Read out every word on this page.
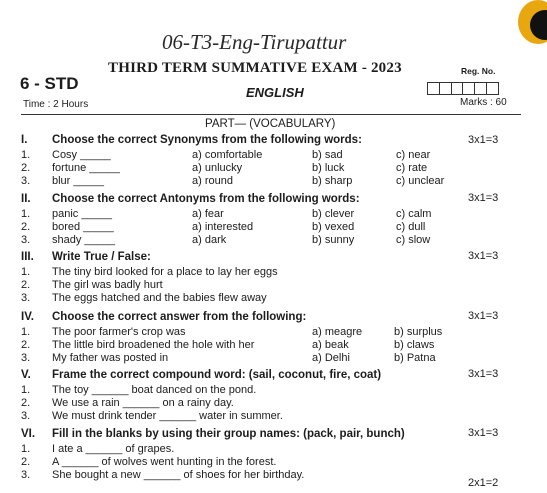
06-T3-Eng-Tirupattur
THIRD TERM SUMMATIVE EXAM - 2023
6 - STD	ENGLISH
Reg. No.
Time : 2 Hours	Marks : 60
PART— (VOCABULARY)
I. Choose the correct Synonyms from the following words:	3x1=3
1. Cosy _____	a) comfortable	b) sad	c) near
2. fortune _____	a) unlucky	b) luck	c) rate
3. blur _____	a) round	b) sharp	c) unclear
II. Choose the correct Antonyms from the following words:	3x1=3
1. panic _____	a) fear	b) clever	c) calm
2. bored _____	a) interested	b) vexed	c) dull
3. shady _____	a) dark	b) sunny	c) slow
III. Write True / False:	3x1=3
1. The tiny bird looked for a place to lay her eggs
2. The girl was badly hurt
3. The eggs hatched and the babies flew away
IV. Choose the correct answer from the following:	3x1=3
1. The poor farmer's crop was	a) meagre	b) surplus
2. The little bird broadened the hole with her	a) beak	b) claws
3. My father was posted in	a) Delhi	b) Patna
V. Frame the correct compound word: (sail, coconut, fire, coat)	3x1=3
1. The toy ______ boat danced on the pond.
2. We use a rain ______ on a rainy day.
3. We must drink tender ______ water in summer.
VI. Fill in the blanks by using their group names: (pack, pair, bunch)	3x1=3
1. I ate a ______ of grapes.
2. A ______ of wolves went hunting in the forest.
3. She bought a new ______ of shoes for her birthday.
2x1=2
